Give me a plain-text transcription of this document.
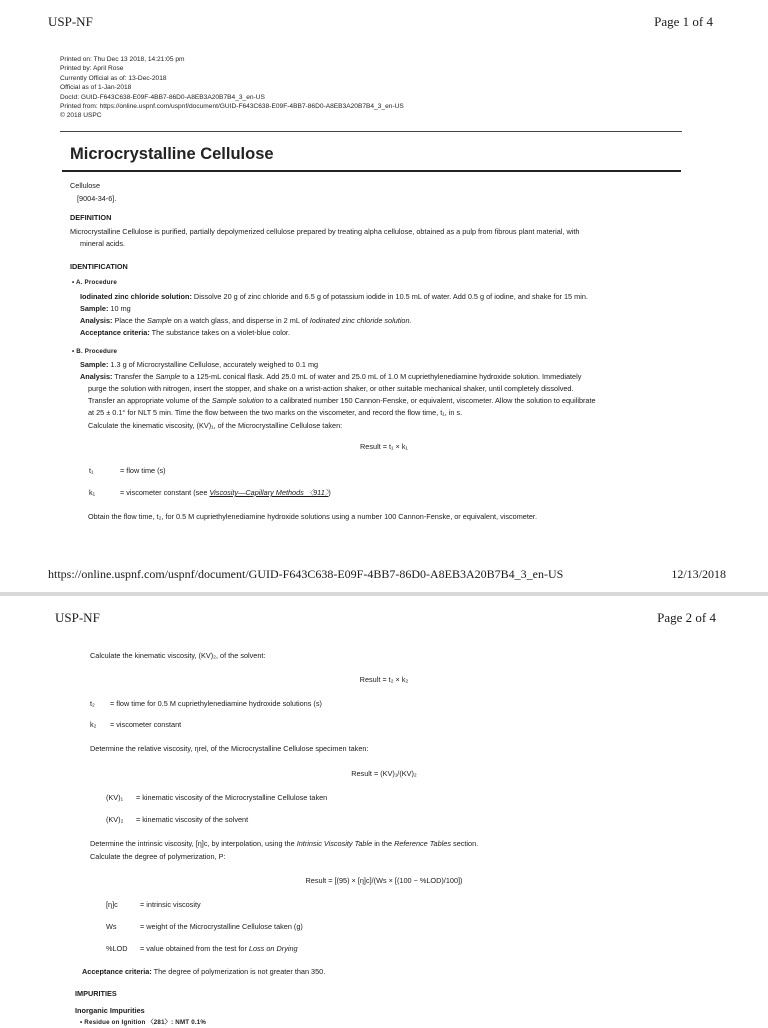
USP-NF	Page 1 of 4
Printed on: Thu Dec 13 2018, 14:21:05 pm
Printed by: April Rose
Currently Official as of: 13-Dec-2018
Official as of 1-Jan-2018
DocId: GUID-F643C638-E09F-4BB7-86D0-A8EB3A20B7B4_3_en-US
Printed from: https://online.uspnf.com/uspnf/document/GUID-F643C638-E09F-4BB7-86D0-A8EB3A20B7B4_3_en-US
© 2018 USPC
Microcrystalline Cellulose
Cellulose
[9004-34-6].
DEFINITION
Microcrystalline Cellulose is purified, partially depolymerized cellulose prepared by treating alpha cellulose, obtained as a pulp from fibrous plant material, with
mineral acids.
IDENTIFICATION
• A. Procedure
Iodinated zinc chloride solution: Dissolve 20 g of zinc chloride and 6.5 g of potassium iodide in 10.5 mL of water. Add 0.5 g of iodine, and shake for 15 min.
Sample: 10 mg
Analysis: Place the Sample on a watch glass, and disperse in 2 mL of Iodinated zinc chloride solution.
Acceptance criteria: The substance takes on a violet-blue color.
• B. Procedure
Sample: 1.3 g of Microcrystalline Cellulose, accurately weighed to 0.1 mg
Analysis: Transfer the Sample to a 125-mL conical flask. Add 25.0 mL of water and 25.0 mL of 1.0 M cupriethylenediamine hydroxide solution. Immediately
purge the solution with nitrogen, insert the stopper, and shake on a wrist-action shaker, or other suitable mechanical shaker, until completely dissolved.
Transfer an appropriate volume of the Sample solution to a calibrated number 150 Cannon-Fenske, or equivalent, viscometer. Allow the solution to equilibrate
at 25 ± 0.1° for NLT 5 min. Time the flow between the two marks on the viscometer, and record the flow time, t₁, in s.
Calculate the kinematic viscosity, (KV)₁, of the Microcrystalline Cellulose taken:
Result = t₁ × k₁
t₁	= flow time (s)
k₁	= viscometer constant (see Viscosity—Capillary Methods 〈911〉)
Obtain the flow time, t₂, for 0.5 M cupriethylenediamine hydroxide solutions using a number 100 Cannon-Fenske, or equivalent, viscometer.
https://online.uspnf.com/uspnf/document/GUID-F643C638-E09F-4BB7-86D0-A8EB3A20B7B4_3_en-US	12/13/2018
USP-NF	Page 2 of 4
Calculate the kinematic viscosity, (KV)₂, of the solvent:
Result = t₂ × k₂
t₂ = flow time for 0.5 M cupriethylenediamine hydroxide solutions (s)
k₂ = viscometer constant
Determine the relative viscosity, ηrel, of the Microcrystalline Cellulose specimen taken:
Result = (KV)₁/(KV)₂
(KV)₁ = kinematic viscosity of the Microcrystalline Cellulose taken
(KV)₂ = kinematic viscosity of the solvent
Determine the intrinsic viscosity, [η]c, by interpolation, using the Intrinsic Viscosity Table in the Reference Tables section.
Calculate the degree of polymerization, P:
Result = [(95) × [η]c]/(Ws × [(100 − %LOD)/100])
[η]c	= intrinsic viscosity
Ws	= weight of the Microcrystalline Cellulose taken (g)
%LOD = value obtained from the test for Loss on Drying
Acceptance criteria: The degree of polymerization is not greater than 350.
IMPURITIES
Inorganic Impurities
• Residue on Ignition 〈281〉: NMT 0.1%
